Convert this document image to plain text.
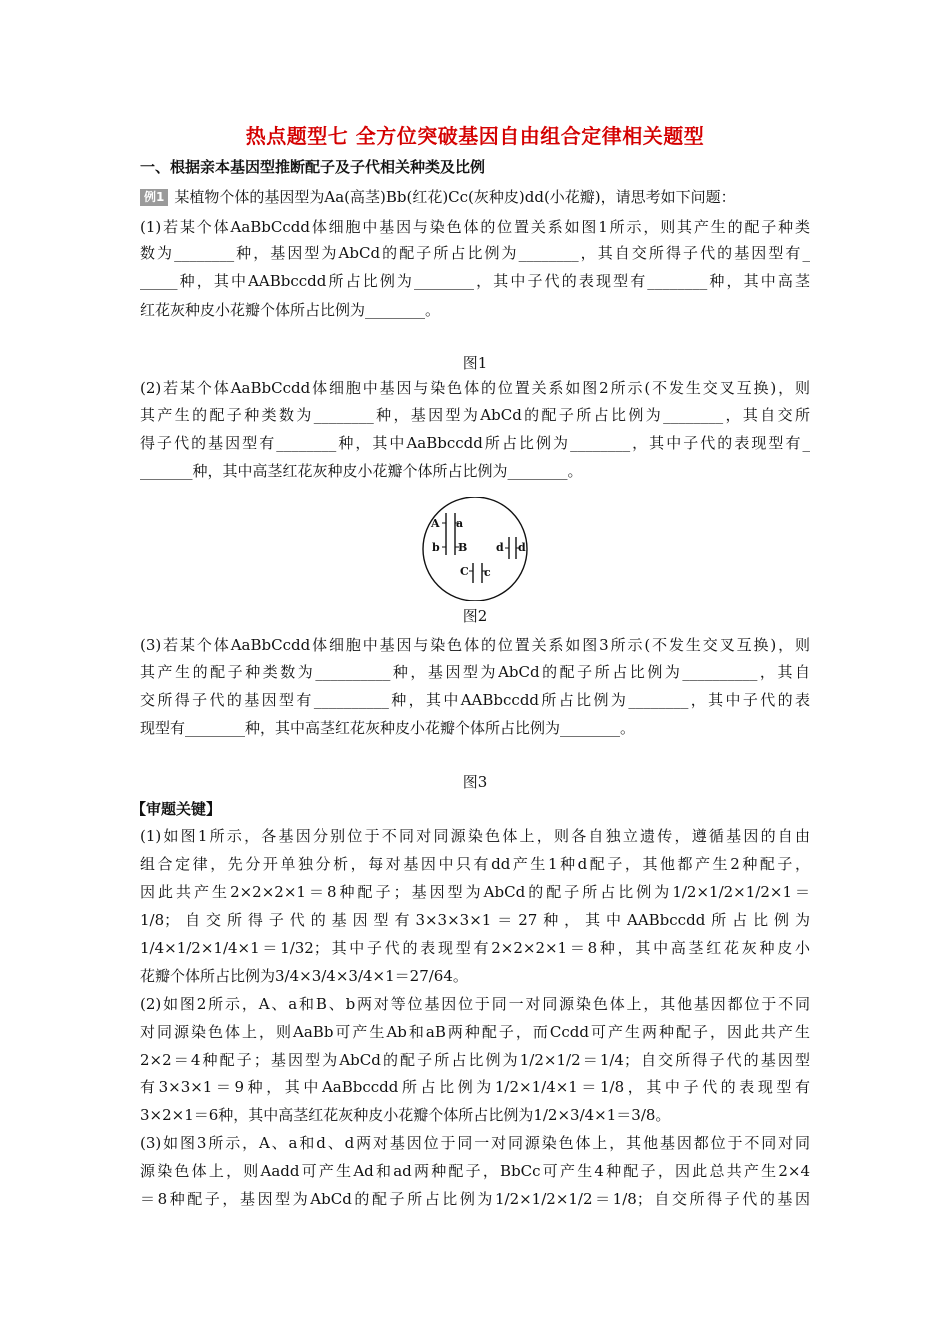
热点题型七 全方位突破基因自由组合定律相关题型
一、根据亲本基因型推断配子及子代相关种类及比例
例1 某植物个体的基因型为Aa(高茎)Bb(红花)Cc(灰种皮)dd(小花瓣)，请思考如下问题：
(1)若某个体AaBbCcdd体细胞中基因与染色体的位置关系如图1所示，则其产生的配子种类
数为________种，基因型为AbCd的配子所占比例为________，其自交所得子代的基因型有_
_____种，其中AABbccdd所占比例为________，其中子代的表现型有________种，其中高茎
红花灰种皮小花瓣个体所占比例为________。
图1
(2)若某个体AaBbCcdd体细胞中基因与染色体的位置关系如图2所示(不发生交叉互换)，则
其产生的配子种类数为________种，基因型为AbCd的配子所占比例为________，其自交所
得子代的基因型有________种，其中AaBbccdd所占比例为________，其中子代的表现型有_
_______种，其中高茎红花灰种皮小花瓣个体所占比例为________。
A a
b B	d d
C c
图2
(3)若某个体AaBbCcdd体细胞中基因与染色体的位置关系如图3所示(不发生交叉互换)，则
其产生的配子种类数为__________种，基因型为AbCd的配子所占比例为__________，其自
交所得子代的基因型有__________种，其中AABbccdd所占比例为________，其中子代的表
现型有________种，其中高茎红花灰种皮小花瓣个体所占比例为________。
图3
【审题关键】
(1)如图1所示，各基因分别位于不同对同源染色体上，则各自独立遗传，遵循基因的自由
组合定律，先分开单独分析，每对基因中只有dd产生1种d配子，其他都产生2种配子，
因此共产生2×2×2×1＝8种配子；基因型为AbCd的配子所占比例为1/2×1/2×1/2×1＝
1/8；自交所得子代的基因型有3×3×3×1＝27种，其中AABbccdd所占比例为
1/4×1/2×1/4×1＝1/32；其中子代的表现型有2×2×2×1＝8种，其中高茎红花灰种皮小
花瓣个体所占比例为3/4×3/4×3/4×1＝27/64。
(2)如图2所示，A、a和B、b两对等位基因位于同一对同源染色体上，其他基因都位于不同
对同源染色体上，则AaBb可产生Ab和aB两种配子，而Ccdd可产生两种配子，因此共产生
2×2＝4种配子；基因型为AbCd的配子所占比例为1/2×1/2＝1/4；自交所得子代的基因型
有3×3×1＝9种，其中AaBbccdd所占比例为1/2×1/4×1＝1/8，其中子代的表现型有
3×2×1＝6种，其中高茎红花灰种皮小花瓣个体所占比例为1/2×3/4×1＝3/8。
(3)如图3所示，A、a和d、d两对基因位于同一对同源染色体上，其他基因都位于不同对同
源染色体上，则Aadd可产生Ad和ad两种配子，BbCc可产生4种配子，因此总共产生2×4
＝8种配子，基因型为AbCd的配子所占比例为1/2×1/2×1/2＝1/8；自交所得子代的基因
